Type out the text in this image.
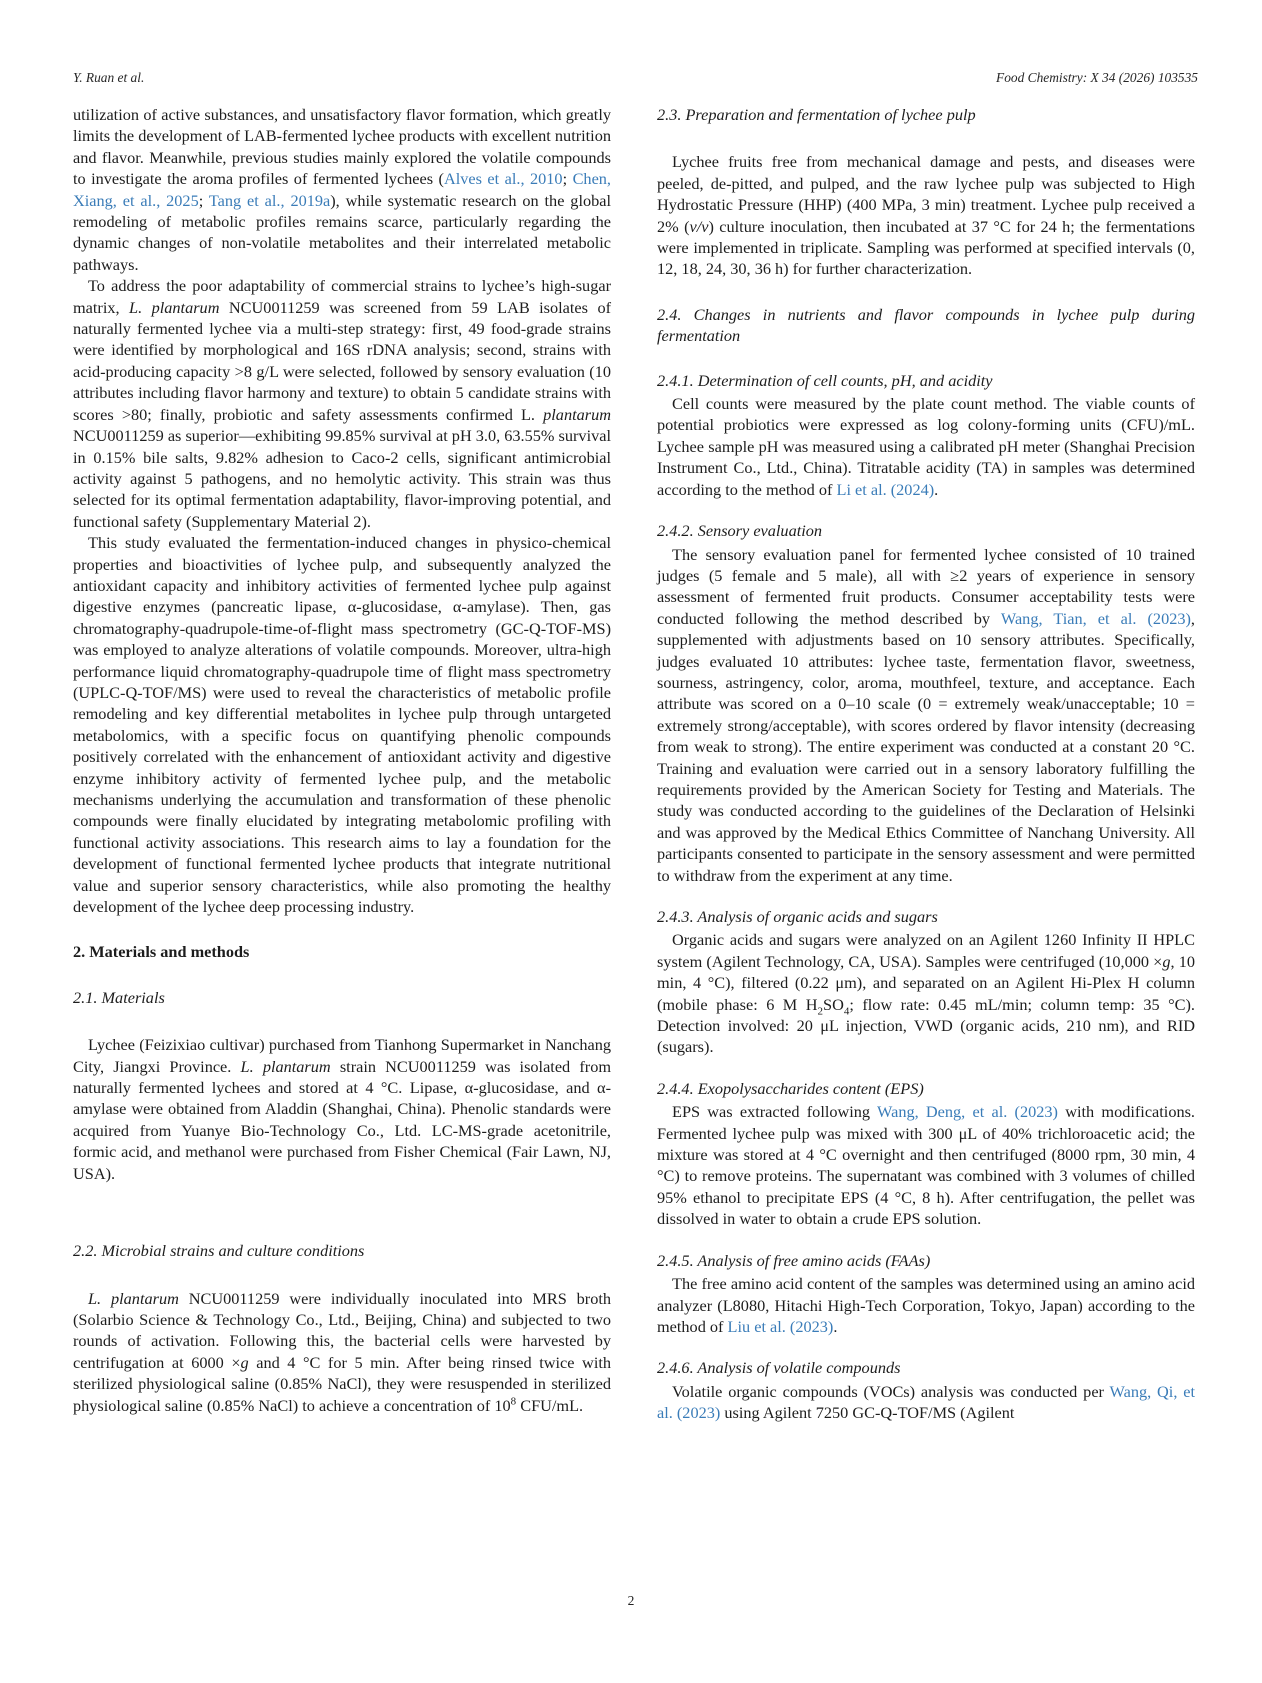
Y. Ruan et al.	Food Chemistry: X 34 (2026) 103535

utilization of active substances, and unsatisfactory flavor formation, which greatly limits the development of LAB-fermented lychee products with excellent nutrition and flavor. Meanwhile, previous studies mainly explored the volatile compounds to investigate the aroma profiles of fermented lychees (Alves et al., 2010; Chen, Xiang, et al., 2025; Tang et al., 2019a), while systematic research on the global remodeling of metabolic profiles remains scarce, particularly regarding the dynamic changes of non-volatile metabolites and their interrelated metabolic pathways.

To address the poor adaptability of commercial strains to lychee’s high-sugar matrix, L. plantarum NCU0011259 was screened from 59 LAB isolates of naturally fermented lychee via a multi-step strategy: first, 49 food-grade strains were identified by morphological and 16S rDNA analysis; second, strains with acid-producing capacity >8 g/L were selected, followed by sensory evaluation (10 attributes including flavor harmony and texture) to obtain 5 candidate strains with scores >80; finally, probiotic and safety assessments confirmed L. plantarum NCU0011259 as superior—exhibiting 99.85% survival at pH 3.0, 63.55% survival in 0.15% bile salts, 9.82% adhesion to Caco-2 cells, significant antimicrobial activity against 5 pathogens, and no hemolytic activity. This strain was thus selected for its optimal fermentation adaptability, flavor-improving potential, and functional safety (Supplementary Material 2).

This study evaluated the fermentation-induced changes in physico-chemical properties and bioactivities of lychee pulp, and subsequently analyzed the antioxidant capacity and inhibitory activities of fermented lychee pulp against digestive enzymes (pancreatic lipase, α-glucosidase, α-amylase). Then, gas chromatography-quadrupole-time-of-flight mass spectrometry (GC-Q-TOF-MS) was employed to analyze alterations of volatile compounds. Moreover, ultra-high performance liquid chromatography-quadrupole time of flight mass spectrometry (UPLC-Q-TOF/MS) were used to reveal the characteristics of metabolic profile remodeling and key differential metabolites in lychee pulp through untargeted metabolomics, with a specific focus on quantifying phenolic compounds positively correlated with the enhancement of antioxidant activity and digestive enzyme inhibitory activity of fermented lychee pulp, and the metabolic mechanisms underlying the accumulation and transformation of these phenolic compounds were finally elucidated by integrating metabolomic profiling with functional activity associations. This research aims to lay a foundation for the development of functional fermented lychee products that integrate nutritional value and superior sensory characteristics, while also promoting the healthy development of the lychee deep processing industry.

2. Materials and methods
2.1. Materials

Lychee (Feizixiao cultivar) purchased from Tianhong Supermarket in Nanchang City, Jiangxi Province. L. plantarum strain NCU0011259 was isolated from naturally fermented lychees and stored at 4 °C. Lipase, α-glucosidase, and α-amylase were obtained from Aladdin (Shanghai, China). Phenolic standards were acquired from Yuanye Bio-Technology Co., Ltd. LC-MS-grade acetonitrile, formic acid, and methanol were purchased from Fisher Chemical (Fair Lawn, NJ, USA).

2.2. Microbial strains and culture conditions

L. plantarum NCU0011259 were individually inoculated into MRS broth (Solarbio Science & Technology Co., Ltd., Beijing, China) and subjected to two rounds of activation. Following this, the bacterial cells were harvested by centrifugation at 6000 ×g and 4 °C for 5 min. After being rinsed twice with sterilized physiological saline (0.85% NaCl), they were resuspended in sterilized physiological saline (0.85% NaCl) to achieve a concentration of $10^8$ CFU/mL.

2.3. Preparation and fermentation of lychee pulp

Lychee fruits free from mechanical damage and pests, and diseases were peeled, de-pitted, and pulped, and the raw lychee pulp was subjected to High Hydrostatic Pressure (HHP) (400 MPa, 3 min) treatment. Lychee pulp received a 2% (v/v) culture inoculation, then incubated at 37 °C for 24 h; the fermentations were implemented in triplicate. Sampling was performed at specified intervals (0, 12, 18, 24, 30, 36 h) for further characterization.

2.4. Changes in nutrients and flavor compounds in lychee pulp during fermentation
2.4.1. Determination of cell counts, pH, and acidity

Cell counts were measured by the plate count method. The viable counts of potential probiotics were expressed as log colony-forming units (CFU)/mL. Lychee sample pH was measured using a calibrated pH meter (Shanghai Precision Instrument Co., Ltd., China). Titratable acidity (TA) in samples was determined according to the method of Li et al. (2024).

2.4.2. Sensory evaluation

The sensory evaluation panel for fermented lychee consisted of 10 trained judges (5 female and 5 male), all with ≥2 years of experience in sensory assessment of fermented fruit products. Consumer acceptability tests were conducted following the method described by Wang, Tian, et al. (2023), supplemented with adjustments based on 10 sensory attributes. Specifically, judges evaluated 10 attributes: lychee taste, fermentation flavor, sweetness, sourness, astringency, color, aroma, mouthfeel, texture, and acceptance. Each attribute was scored on a 0–10 scale (0 = extremely weak/unacceptable; 10 = extremely strong/acceptable), with scores ordered by flavor intensity (decreasing from weak to strong). The entire experiment was conducted at a constant 20 °C. Training and evaluation were carried out in a sensory laboratory fulfilling the requirements provided by the American Society for Testing and Materials. The study was conducted according to the guidelines of the Declaration of Helsinki and was approved by the Medical Ethics Committee of Nanchang University. All participants consented to participate in the sensory assessment and were permitted to withdraw from the experiment at any time.

2.4.3. Analysis of organic acids and sugars

Organic acids and sugars were analyzed on an Agilent 1260 Infinity II HPLC system (Agilent Technology, CA, USA). Samples were centrifuged (10,000 ×g, 10 min, 4 °C), filtered (0.22 μm), and separated on an Agilent Hi-Plex H column (mobile phase: 6 M $H_2SO_4$; flow rate: 0.45 mL/min; column temp: 35 °C). Detection involved: 20 μL injection, VWD (organic acids, 210 nm), and RID (sugars).

2.4.4. Exopolysaccharides content (EPS)

EPS was extracted following Wang, Deng, et al. (2023) with modifications. Fermented lychee pulp was mixed with 300 μL of 40% trichloroacetic acid; the mixture was stored at 4 °C overnight and then centrifuged (8000 rpm, 30 min, 4 °C) to remove proteins. The supernatant was combined with 3 volumes of chilled 95% ethanol to precipitate EPS (4 °C, 8 h). After centrifugation, the pellet was dissolved in water to obtain a crude EPS solution.

2.4.5. Analysis of free amino acids (FAAs)

The free amino acid content of the samples was determined using an amino acid analyzer (L8080, Hitachi High-Tech Corporation, Tokyo, Japan) according to the method of Liu et al. (2023).

2.4.6. Analysis of volatile compounds

Volatile organic compounds (VOCs) analysis was conducted per Wang, Qi, et al. (2023) using Agilent 7250 GC-Q-TOF/MS (Agilent

2
